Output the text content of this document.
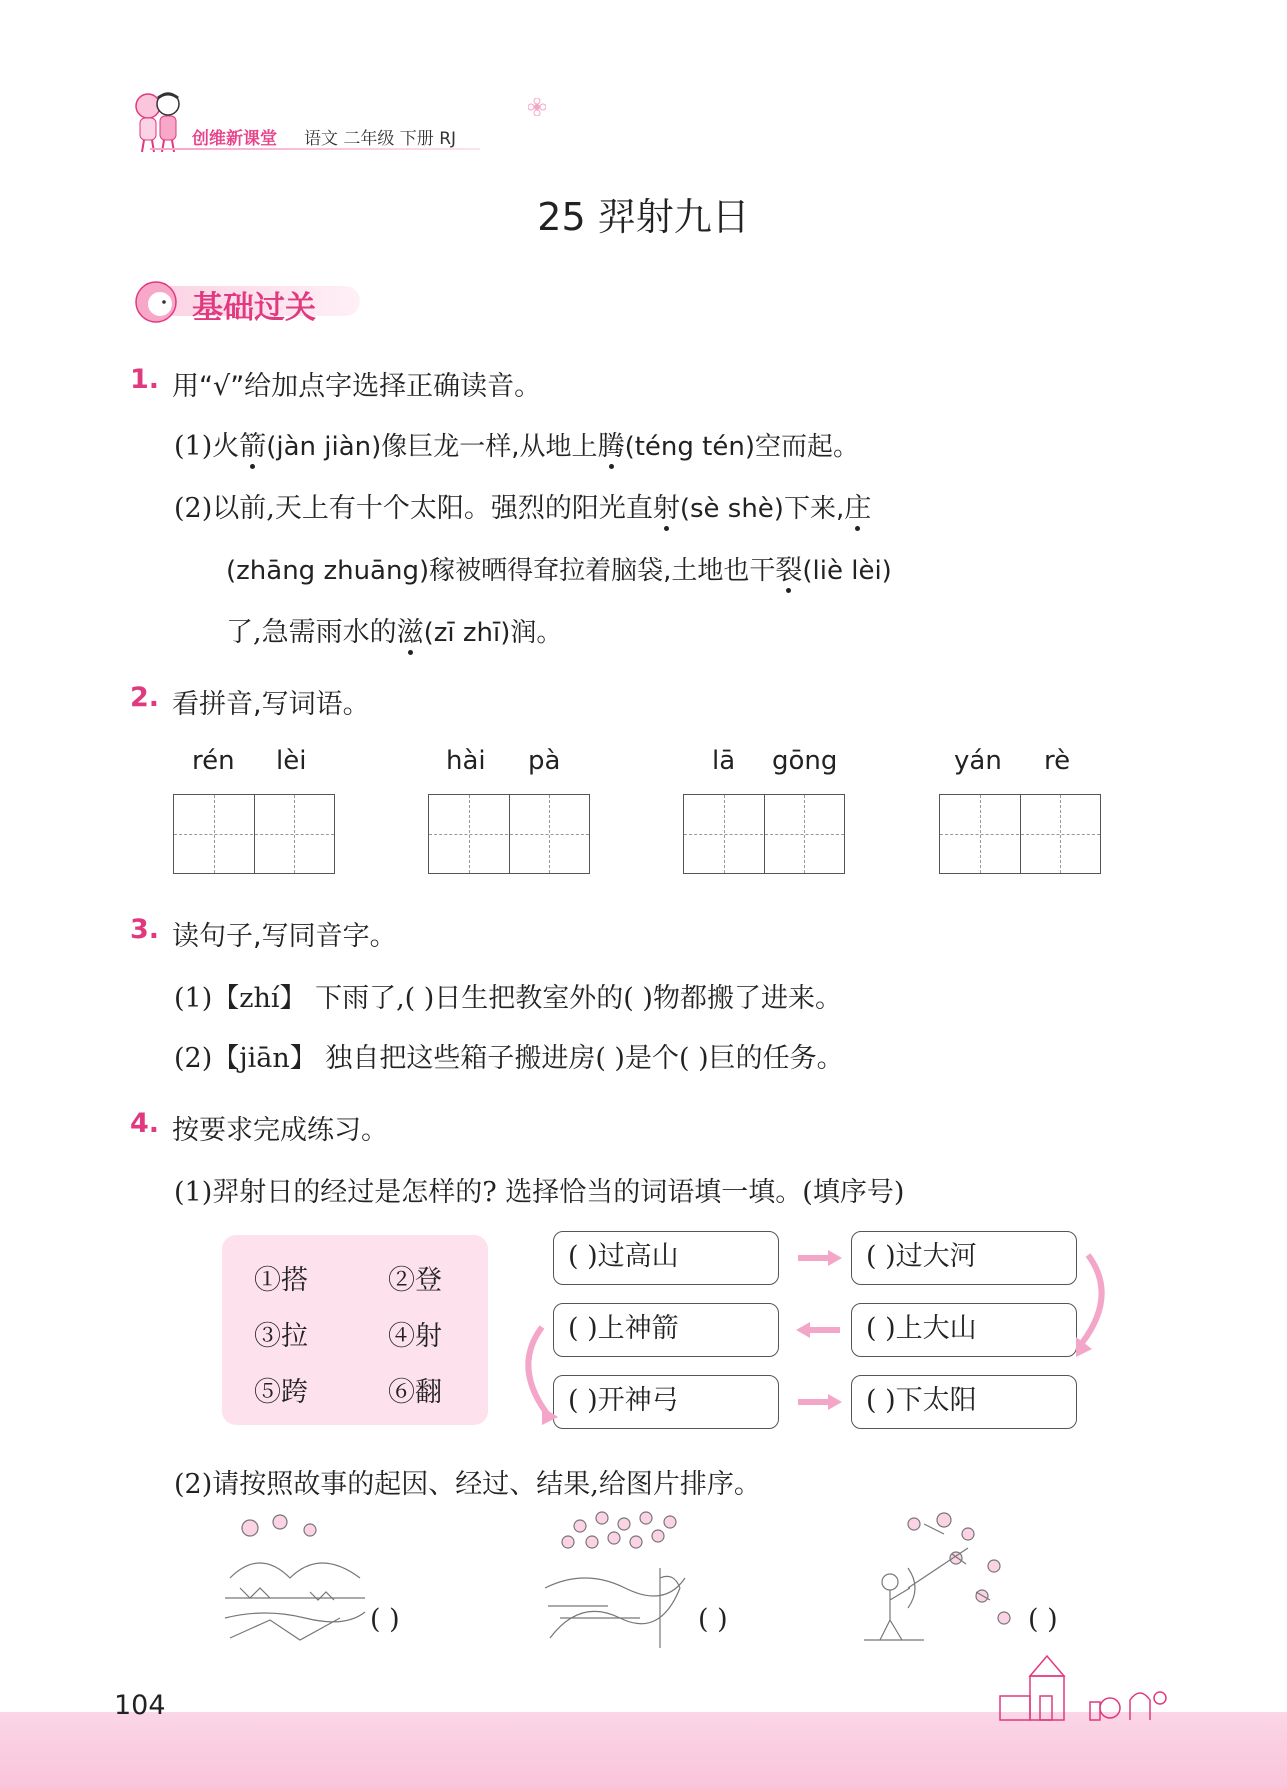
创维新课堂 语文 二年级 下册 RJ
25 羿射九日
基础过关
1. 用“√”给加点字选择正确读音。
(1)火箭(jàn jiàn)像巨龙一样,从地上腾(téng tén)空而起。
(2)以前,天上有十个太阳。强烈的阳光直射(sè shè)下来,庄
(zhāng zhuāng)稼被晒得耷拉着脑袋,土地也干裂(liè lèi)
了,急需雨水的滋(zī zhī)润。
2. 看拼音,写词语。
rén lèi	hài pà	lā gōng	yán rè
3. 读句子,写同音字。
(1)【zhí】 下雨了,( )日生把教室外的( )物都搬了进来。
(2)【jiān】 独自把这些箱子搬进房( )是个( )巨的任务。
4. 按要求完成练习。
(1)羿射日的经过是怎样的? 选择恰当的词语填一填。(填序号)
①搭	②登
③拉	④射
⑤跨	⑥翻
( )过高山	( )过大河
( )上神箭	( )上大山
( )开神弓	( )下太阳
(2)请按照故事的起因、经过、结果,给图片排序。
( )	( )	( )
104
